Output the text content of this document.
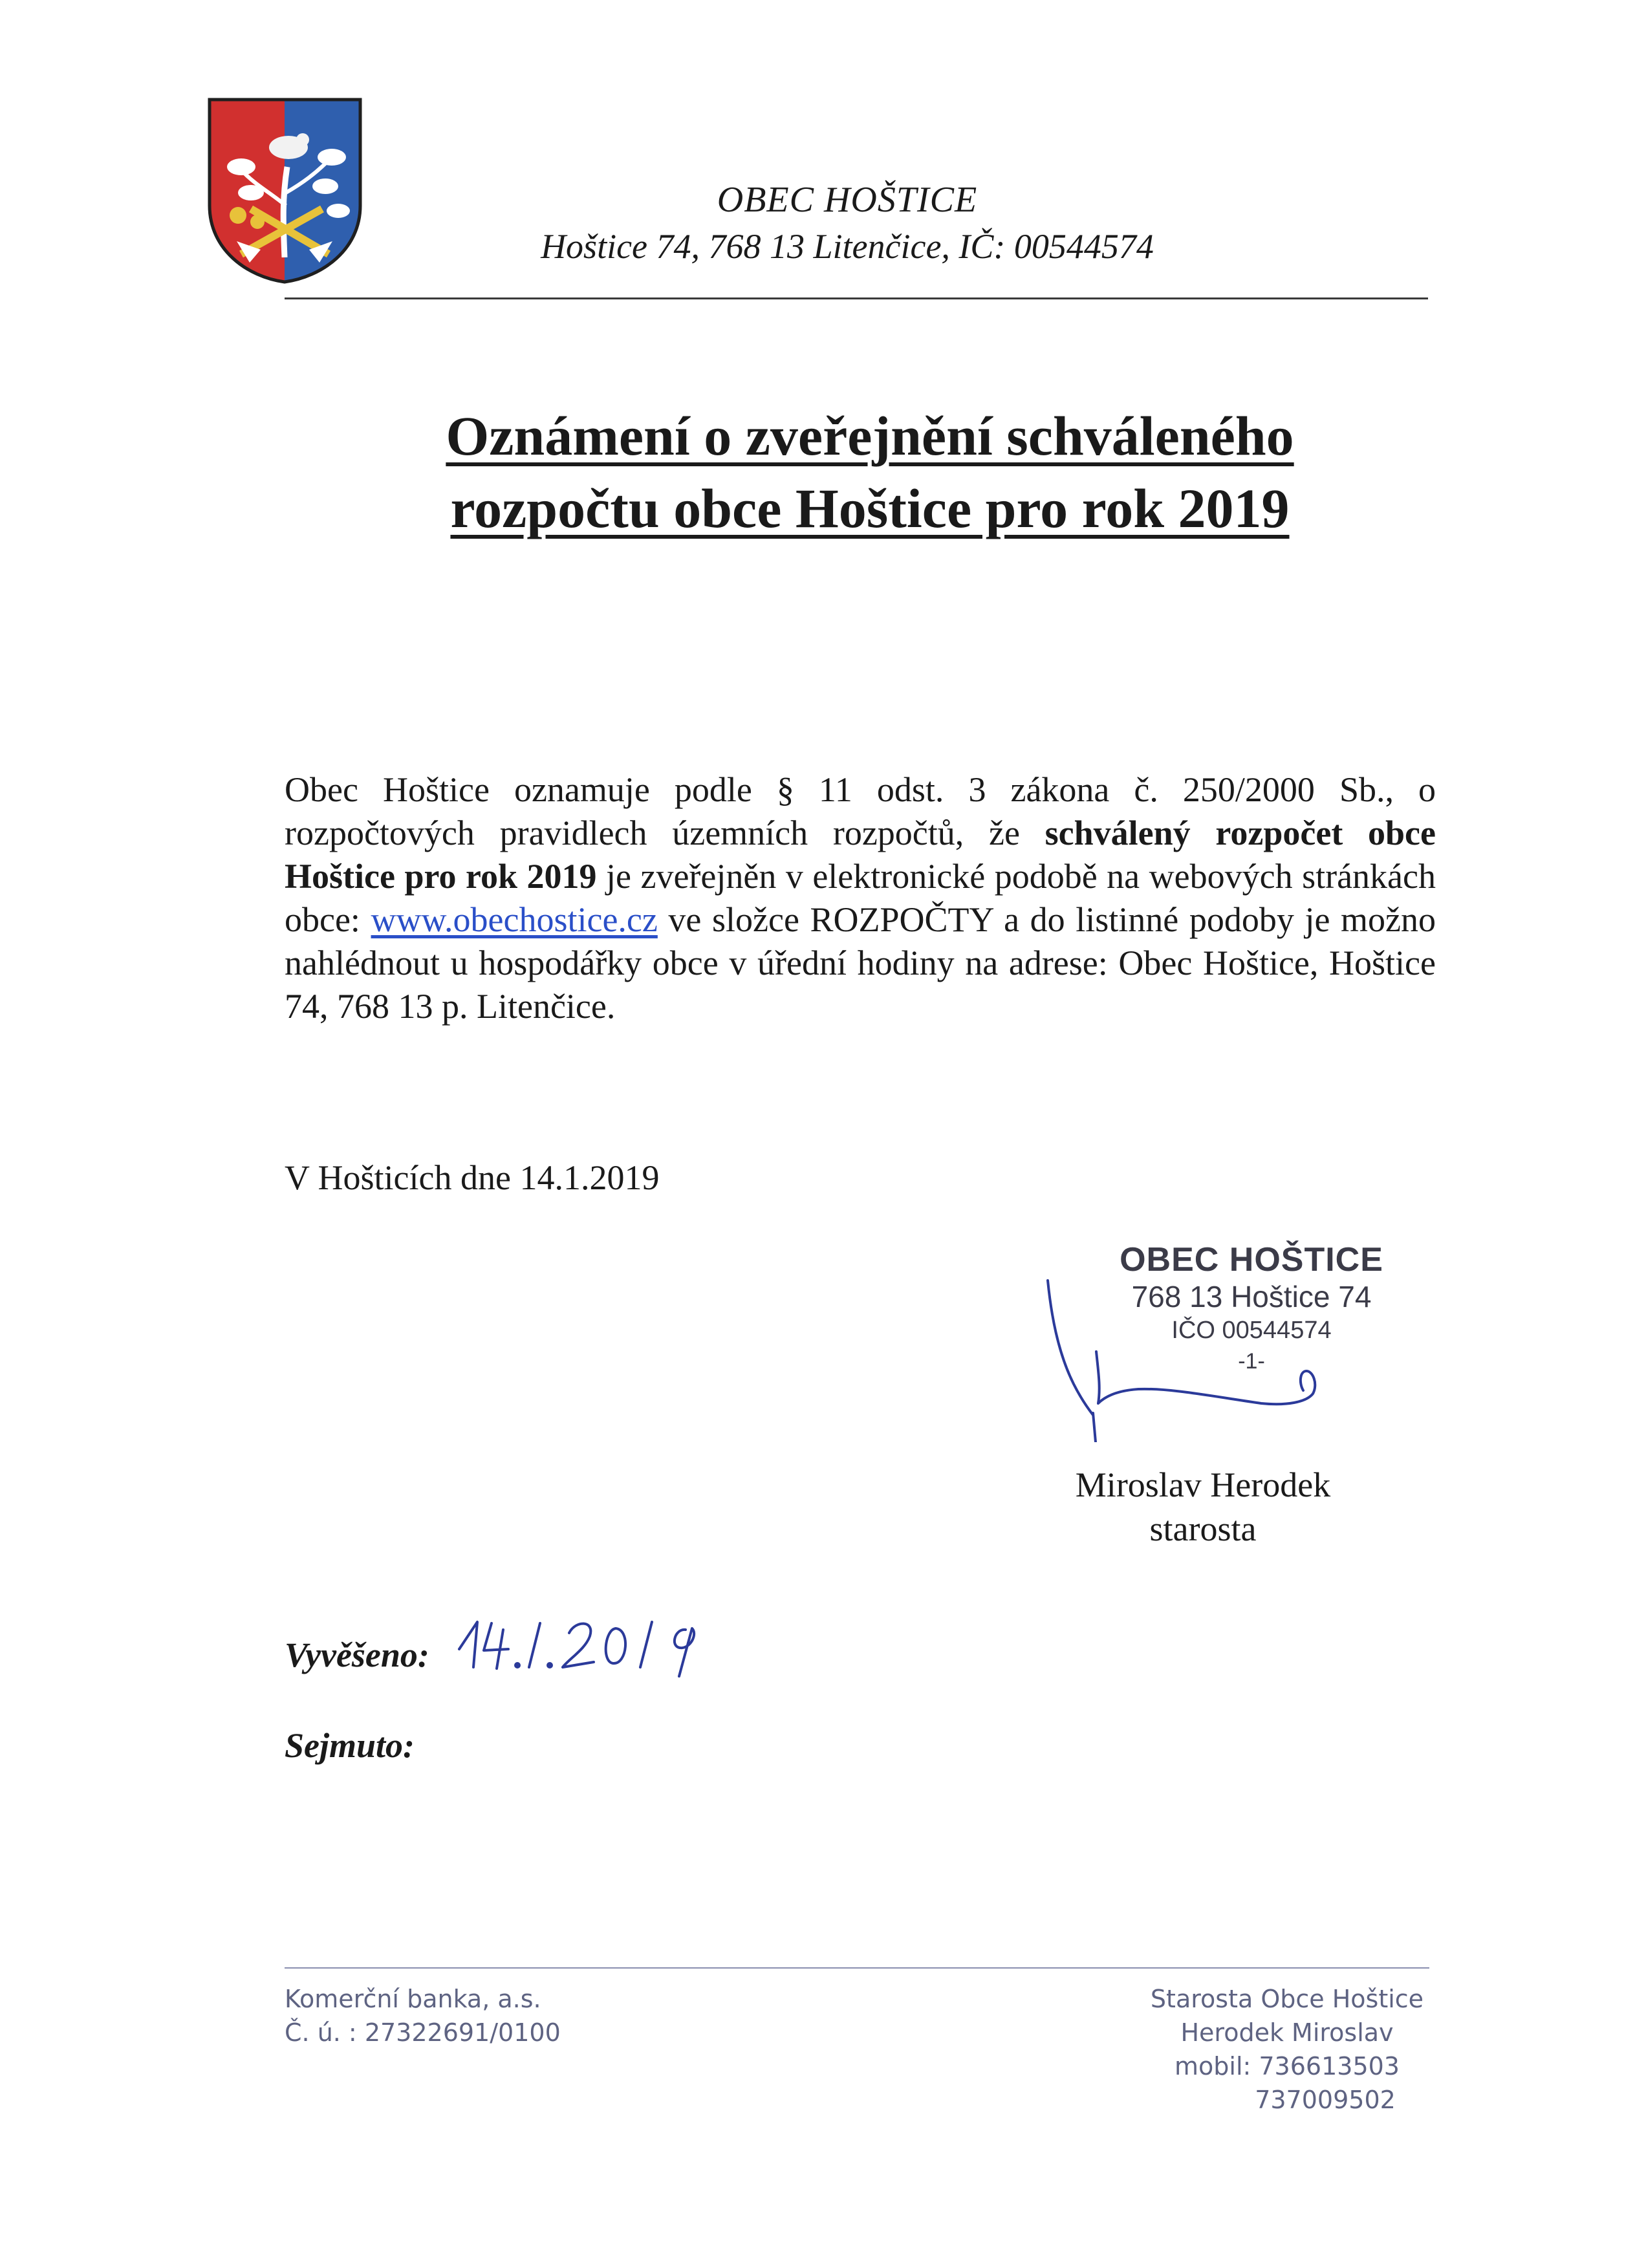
OBEC HOŠTICE
Hoštice 74, 768 13 Litenčice, IČ: 00544574
Oznámení o zveřejnění schváleného
rozpočtu obce Hoštice pro rok 2019
Obec Hoštice oznamuje podle § 11 odst. 3 zákona č. 250/2000 Sb., o rozpočtových pravidlech územních rozpočtů, že schválený rozpočet obce Hoštice pro rok 2019 je zveřejněn v elektronické podobě na webových stránkách obce: www.obechostice.cz ve složce ROZPOČTY a do listinné podoby je možno nahlédnout u hospodářky obce v úřední hodiny na adrese: Obec Hoštice, Hoštice 74, 768 13 p. Litenčice.
V Hošticích dne 14.1.2019
OBEC HOŠTICE
768 13 Hoštice 74
IČO 00544574
-1-
Miroslav Herodek
starosta
Vyvěšeno:
Sejmuto:
Komerční banka, a.s.
Č. ú. : 27322691/0100
Starosta Obce Hoštice
Herodek Miroslav
mobil: 736613503
737009502
